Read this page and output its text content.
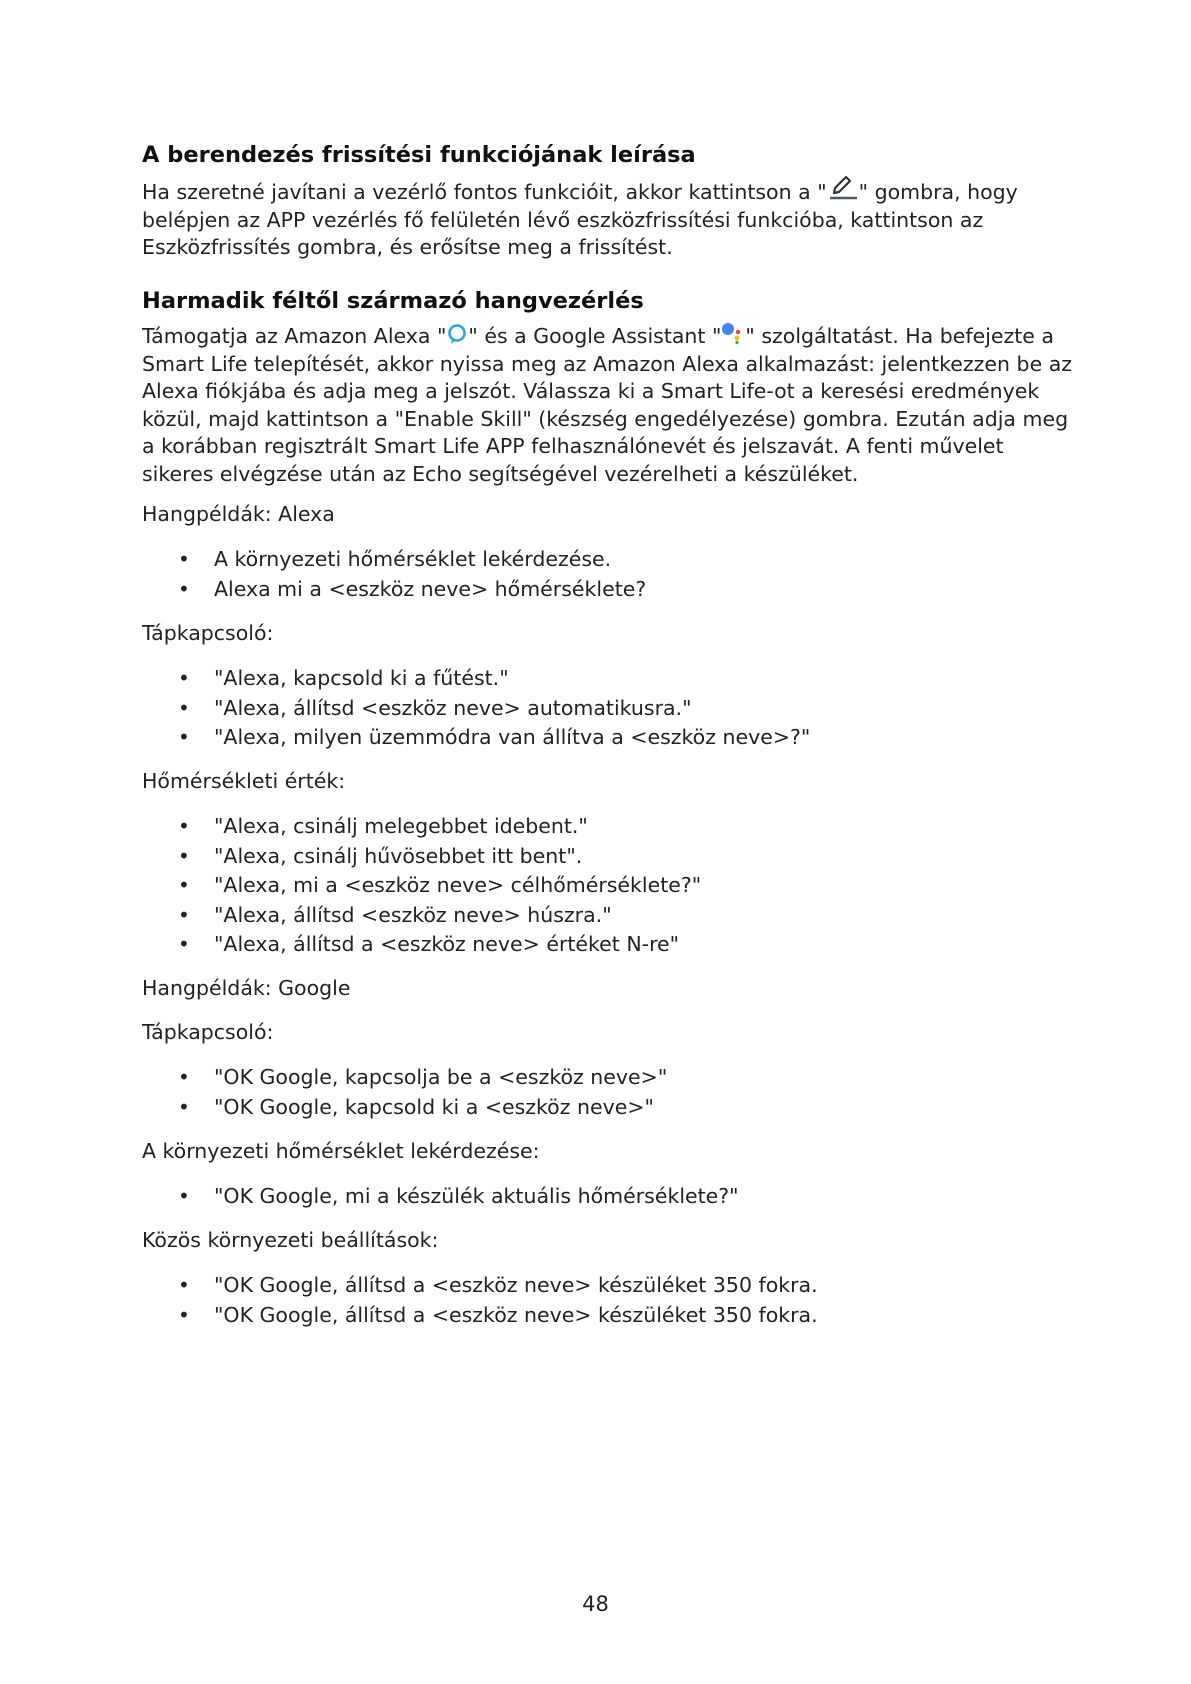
A berendezés frissítési funkciójának leírása
Ha szeretné javítani a vezérlő fontos funkcióit, akkor kattintson a " " gombra, hogy
belépjen az APP vezérlés fő felületén lévő eszközfrissítési funkcióba, kattintson az
Eszközfrissítés gombra, és erősítse meg a frissítést.
Harmadik féltől származó hangvezérlés
Támogatja az Amazon Alexa " " és a Google Assistant " " szolgáltatást. Ha befejezte a
Smart Life telepítését, akkor nyissa meg az Amazon Alexa alkalmazást: jelentkezzen be az
Alexa fiókjába és adja meg a jelszót. Válassza ki a Smart Life-ot a keresési eredmények
közül, majd kattintson a "Enable Skill" (készség engedélyezése) gombra. Ezután adja meg
a korábban regisztrált Smart Life APP felhasználónevét és jelszavát. A fenti művelet
sikeres elvégzése után az Echo segítségével vezérelheti a készüléket.

Hangpéldák: Alexa

• A környezeti hőmérséklet lekérdezése.
• Alexa mi a <eszköz neve> hőmérséklete?

Tápkapcsoló:

• "Alexa, kapcsold ki a fűtést."
• "Alexa, állítsd <eszköz neve> automatikusra."
• "Alexa, milyen üzemmódra van állítva a <eszköz neve>?"

Hőmérsékleti érték:

• "Alexa, csinálj melegebbet idebent."
• "Alexa, csinálj hűvösebbet itt bent".
• "Alexa, mi a <eszköz neve> célhőmérséklete?"
• "Alexa, állítsd <eszköz neve> húszra."
• "Alexa, állítsd a <eszköz neve> értéket N-re"

Hangpéldák: Google

Tápkapcsoló:

• "OK Google, kapcsolja be a <eszköz neve>"
• "OK Google, kapcsold ki a <eszköz neve>"

A környezeti hőmérséklet lekérdezése:

• "OK Google, mi a készülék aktuális hőmérséklete?"

Közös környezeti beállítások:

• "OK Google, állítsd a <eszköz neve> készüléket 350 fokra.
• "OK Google, állítsd a <eszköz neve> készüléket 350 fokra.
48
